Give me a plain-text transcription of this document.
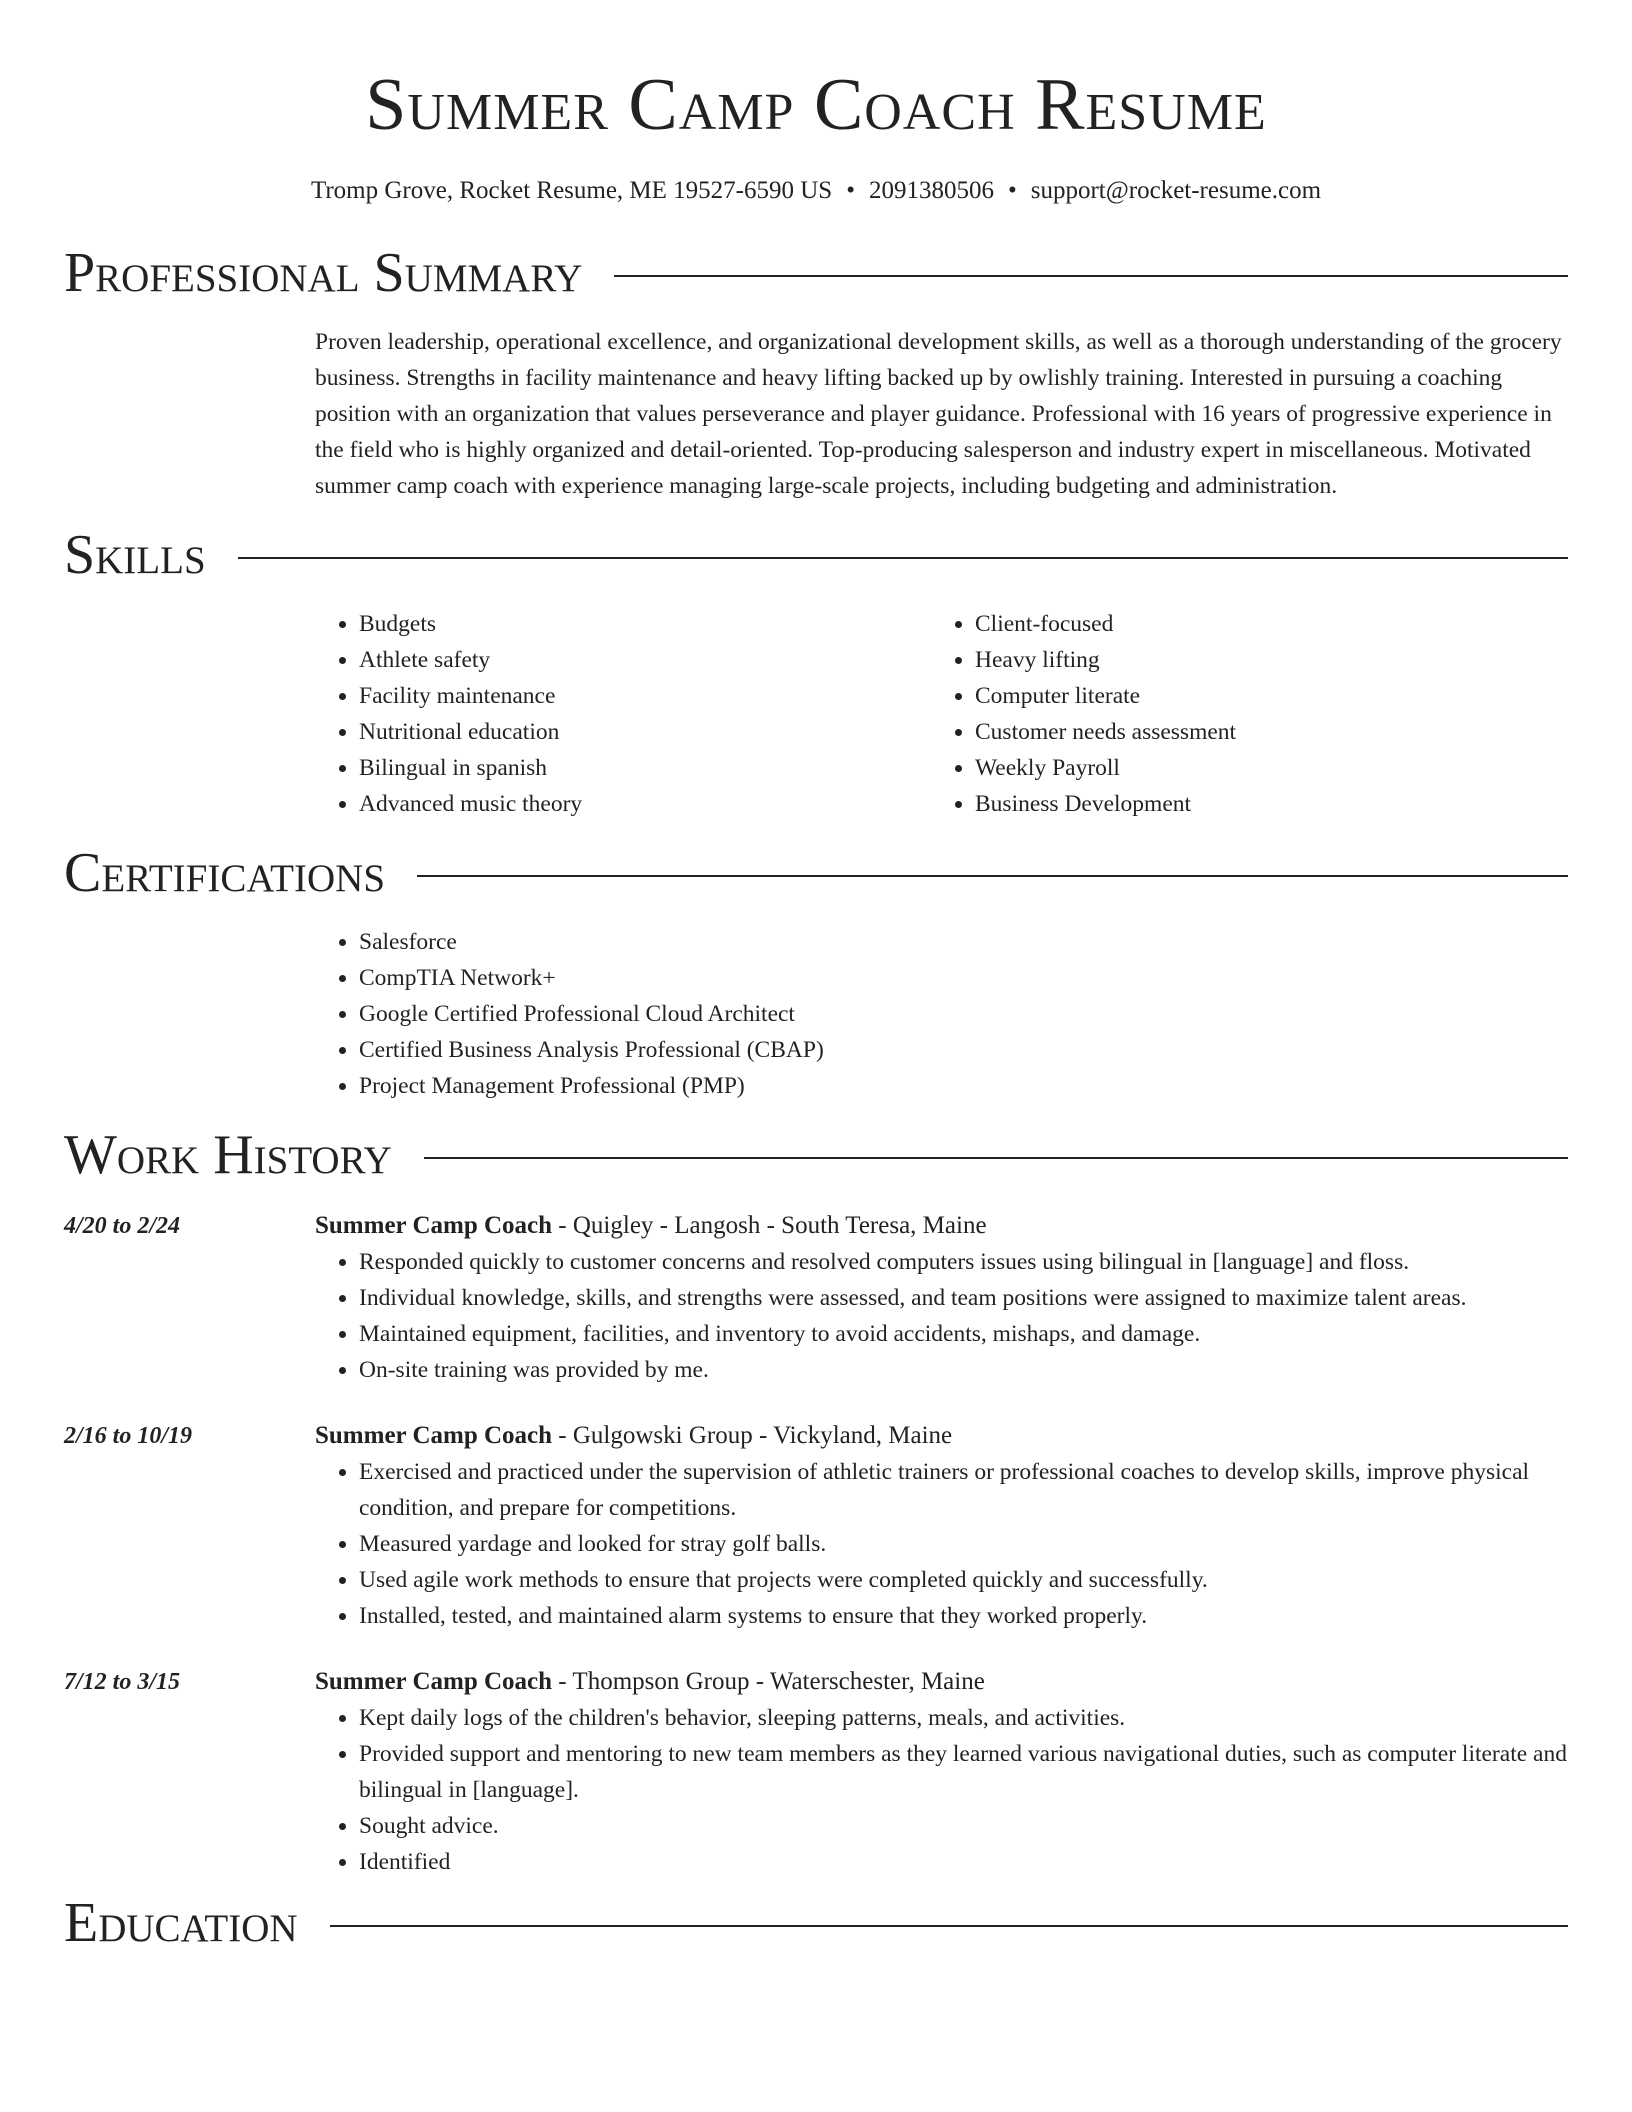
Summer Camp Coach Resume
Tromp Grove, Rocket Resume, ME 19527-6590 US • 2091380506 • support@rocket-resume.com
Professional Summary
Proven leadership, operational excellence, and organizational development skills, as well as a thorough understanding of the grocery business. Strengths in facility maintenance and heavy lifting backed up by owlishly training. Interested in pursuing a coaching position with an organization that values perseverance and player guidance. Professional with 16 years of progressive experience in the field who is highly organized and detail-oriented. Top-producing salesperson and industry expert in miscellaneous. Motivated summer camp coach with experience managing large-scale projects, including budgeting and administration.
Skills
• Budgets
• Athlete safety
• Facility maintenance
• Nutritional education
• Bilingual in spanish
• Advanced music theory
• Client-focused
• Heavy lifting
• Computer literate
• Customer needs assessment
• Weekly Payroll
• Business Development
Certifications
• Salesforce
• CompTIA Network+
• Google Certified Professional Cloud Architect
• Certified Business Analysis Professional (CBAP)
• Project Management Professional (PMP)
Work History
4/20 to 2/24	Summer Camp Coach - Quigley - Langosh - South Teresa, Maine
• Responded quickly to customer concerns and resolved computers issues using bilingual in [language] and floss.
• Individual knowledge, skills, and strengths were assessed, and team positions were assigned to maximize talent areas.
• Maintained equipment, facilities, and inventory to avoid accidents, mishaps, and damage.
• On-site training was provided by me.
2/16 to 10/19	Summer Camp Coach - Gulgowski Group - Vickyland, Maine
• Exercised and practiced under the supervision of athletic trainers or professional coaches to develop skills, improve physical condition, and prepare for competitions.
• Measured yardage and looked for stray golf balls.
• Used agile work methods to ensure that projects were completed quickly and successfully.
• Installed, tested, and maintained alarm systems to ensure that they worked properly.
7/12 to 3/15	Summer Camp Coach - Thompson Group - Waterschester, Maine
• Kept daily logs of the children's behavior, sleeping patterns, meals, and activities.
• Provided support and mentoring to new team members as they learned various navigational duties, such as computer literate and bilingual in [language].
• Sought advice.
• Identified
Education
